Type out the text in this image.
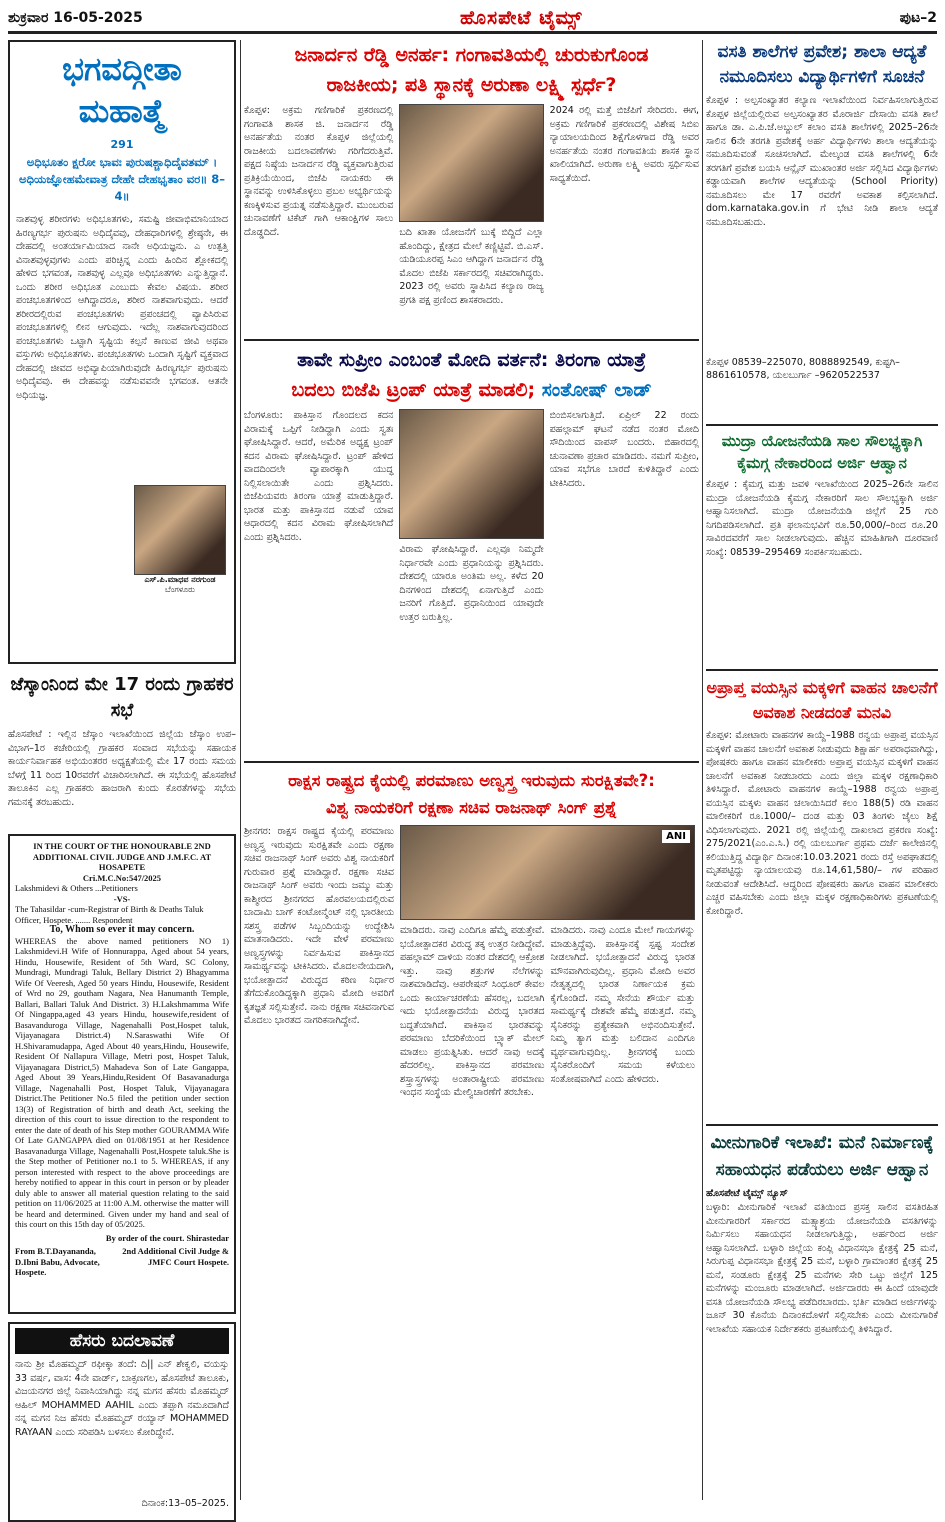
ಶುಕ್ರವಾರ 16-05-2025	ಹೊಸಪೇಟೆ ಟೈಮ್ಸ್	ಪುಟ–2
ಭಗವದ್ಗೀತಾ ಮಹಾತ್ಮೆ
291
ಅಧಿಭೂತಂ ಕ್ಷರೋ ಭಾವಃ ಪುರುಷಶ್ಚಾಧಿದೈವತಮ್ । ಅಧಿಯಜ್ಞೋಹಮೇವಾತ್ರ ದೇಹೇ ದೇಹಭೃತಾಂ ವರ॥ 8–4॥
ನಾಶವುಳ್ಳ ಶರೀರಗಳು ಅಧಿಭೂತಗಳು, ಸಮಷ್ಟಿ ಜೀವಾಭಿಮಾನಿಯಾದ ಹಿರಣ್ಯಗರ್ಭ ಪುರುಷನು ಅಧಿದೈವವು, ದೇಹಧಾರಿಗಳಲ್ಲಿ ಶ್ರೇಷ್ಠನೇ, ಈ ದೇಹದಲ್ಲಿ ಅಂತರ್ಯಾಮಿಯಾದ ನಾನೇ ಅಧಿಯಜ್ಞನು. ಎ ಉತ್ಪತ್ತಿ ವಿನಾಶವುಳ್ಳವುಗಳು ಎಂದು ಪರಿಚ್ಛಿನ್ನ ಎಂದು ಹಿಂದಿನ ಶ್ಲೋಕದಲ್ಲಿ ಹೇಳಿದ ಭಗವಂತ, ನಾಶವುಳ್ಳ ಎಲ್ಲವೂ ಅಧಿಭೂತಗಳು ಎನ್ನುತ್ತಿದ್ದಾನೆ. ಒಂದು ಶರೀರ ಅಧಿಭೂತ ಎಂಬುದು ಕೇವಲ ವಿಷಯ. ಶರೀರ ಪಂಚಭೂತಗಳಿಂದ ಆಗಿದ್ದಾದರೂ, ಶರೀರ ನಾಶವಾಗುವುದು. ಆದರೆ ಶರೀರದಲ್ಲಿರುವ ಪಂಚಭೂತಗಳು ಪ್ರಪಂಚದಲ್ಲಿ ವ್ಯಾಪಿಸಿರುವ ಪಂಚಭೂತಗಳಲ್ಲಿ ಲೀನ ಆಗುವುದು. ಇದೆಲ್ಲ ನಾಶವಾಗುವುದರಿಂದ ಪಂಚಭೂತಗಳು ಒಟ್ಟಾಗಿ ಸೃಷ್ಟಿಯ ಕಲ್ಪನೆ ಕಾಣುವ ಜೀವಿ ಅಥವಾ ವಸ್ತುಗಳು ಅಧಿಭೂತಗಳು. ಪಂಚಭೂತಗಳು ಒಂದಾಗಿ ಸೃಷ್ಟಿಗೆ ವ್ಯಕ್ತವಾದ ದೇಹದಲ್ಲಿ ಜೀವದ ಅಭಿವ್ಯಾಪಿಯಾಗಿರುವುದೇ ಹಿರಣ್ಯಗರ್ಭ ಪುರುಷನು ಅಧಿದೈವವು. ಈ ದೇಹವನ್ನು ನಡೆಸುವವನೇ ಭಗವಂತ. ಆತನೇ ಅಧಿಯಜ್ಞ.
ಎಸ್.ಪಿ.ಮಾಧವ ನರಗುಂಡ
ಬೆಂಗಳೂರು
ಜೆಸ್ಕಾಂನಿಂದ ಮೇ 17 ರಂದು ಗ್ರಾಹಕರ ಸಭೆ
ಹೊಸಪೇಟೆ : ಇಲ್ಲಿನ ಜೆಸ್ಕಾಂ ಇಲಾಖೆಯಿಂದ ಜಿಲ್ಲೆಯ ಜೆಸ್ಕಾಂ ಉಪ–ವಿಭಾಗ–1ರ ಕಚೇರಿಯಲ್ಲಿ ಗ್ರಾಹಕರ ಸಂವಾದ ಸಭೆಯನ್ನು ಸಹಾಯಕ ಕಾರ್ಯನಿರ್ವಾಹಕ ಅಭಿಯಂತರರ ಅಧ್ಯಕ್ಷತೆಯಲ್ಲಿ ಮೇ 17 ರಂದು ಸಮಯ ಬೆಳಗ್ಗೆ 11 ರಿಂದ 10ರವರೆಗೆ ವಿಚಾರಿಸಲಾಗಿದೆ. ಈ ಸಭೆಯಲ್ಲಿ ಹೊಸಪೇಟೆ ತಾಲೂಕಿನ ಎಲ್ಲ ಗ್ರಾಹಕರು ಹಾಜರಾಗಿ ಕುಂದು ಕೊರತೆಗಳನ್ನು ಸಭೆಯ ಗಮನಕ್ಕೆ ತರಬಹುದು.
IN THE COURT OF THE HONOURABLE 2ND ADDITIONAL CIVIL JUDGE AND J.M.F.C. AT HOSAPETE
Cri.M.C.No:547/2025
Lakshmidevi & Others ...Petitioners
-VS-
The Tahasildar -cum-Registrar of Birth & Deaths Taluk Officer, Hospete. ....... Respondent
To, Whom so ever it may concern.
WHEREAS the above named petitioners NO 1) Lakshmidevi.H Wife of Honnurappa, Aged about 54 years, Hindu, Housewife, Resident of 5th Ward, SC Colony, Mundragi, Mundragi Taluk, Bellary District 2) Bhagyamma Wife Of Veeresh, Aged 50 years Hindu, Housewife, Resident of Wrd no 29, goutham Nagara, Nea Hanumanth Temple, Ballari, Ballari Taluk And District. 3) H.Lakshmamma Wife Of Ningappa,aged 43 years Hindu, housewife,resident of Basavanduroga Village, Nagenahalli Post,Hospet taluk, Vijayanagara District.4) N.Saraswathi Wife Of H.Shivaramudappa, Aged About 40 years,Hindu, Housewife, Resident Of Nallapura Village, Metri post, Hospet Taluk, Vijayanagara District,5) Mahadeva Son of Late Gangappa, Aged About 39 Years,Hindu,Resident Of Basavanadurga Village, Nagenahalli Post, Hospet Taluk, Vijayanagara District.The Petitioner No.5 filed the petition under section 13(3) of Registration of birth and death Act, seeking the direction of this court to issue direction to the respondent to enter the date of death of his Step mother GOURAMMA Wife Of Late GANGAPPA died on 01/08/1951 at her Residence Basavanadurga Village, Nagenahalli Post,Hospete taluk.She is the Step mother of Petitioner no.1 to 5. WHEREAS, if any person interested with respect to the above proceedings are hereby notified to appear in this court in person or by pleader duly able to answer all material question relating to the said petition on 11/06/2025 at 11:00 A.M. otherwise the matter will be heard and determined. Given under my hand and seal of this court on this 15th day of 05/2025.
By order of the court. Shirastedar
From B.T.Dayananda, D.Ibni Babu, Advocate, Hospete.
2nd Additional Civil Judge & JMFC Court Hospete.
ಹೆಸರು ಬದಲಾವಣೆ
ನಾನು ಶ್ರೀ ಮೊಹಮ್ಮದ್ ರಫೀಕ್ಕಾ ತಂದೆ: ದಿ|| ಎನ್ ಶೇಕ್ವಲಿ, ವಯಸ್ಸು 33 ವರ್ಷ, ವಾಸ: 4ನೇ ವಾರ್ಡ್, ಬಾಕ್ಸಣಗಲ, ಹೊಸಪೇಟೆ ತಾಲೂಕು, ವಿಜಯನಗರ ಜಿಲ್ಲೆ ನಿವಾಸಿಯಾಗಿದ್ದು ನನ್ನ ಮಗನ ಹೆಸರು ಮೊಹಮ್ಮದ್ ಆಹಿಲ್ MOHAMMED AAHIL ಎಂದು ತಪ್ಪಾಗಿ ನಮೂದಾಗಿದೆ ನನ್ನ ಮಗನ ನಿಜ ಹೆಸರು ಮೊಹಮ್ಮದ್ ರಯ್ಯಾನ್ MOHAMMED RAYAAN ಎಂದು ಸರಿಪಡಿಸಿ ಬಳಸಲು ಕೋರಿದ್ದೇನೆ.
ದಿನಾಂಕ:13–05–2025.
ಜನಾರ್ದನ ರೆಡ್ಡಿ ಅನರ್ಹ: ಗಂಗಾವತಿಯಲ್ಲಿ ಚುರುಕುಗೊಂಡ
ರಾಜಕೀಯ; ಪತಿ ಸ್ಥಾನಕ್ಕೆ ಅರುಣಾ ಲಕ್ಷ್ಮಿ ಸ್ಪರ್ಧೆ?
ಕೊಪ್ಪಳ: ಅಕ್ರಮ ಗಣಿಗಾರಿಕೆ ಪ್ರಕರಣದಲ್ಲಿ ಗಂಗಾವತಿ ಶಾಸಕ ಜಿ. ಜನಾರ್ದನ ರೆಡ್ಡಿ ಅನರ್ಹತೆಯ ನಂತರ ಕೊಪ್ಪಳ ಜಿಲ್ಲೆಯಲ್ಲಿ ರಾಜಕೀಯ ಬದಲಾವಣೆಗಳು ಗರಿಗೆದರುತ್ತಿವೆ. ಪಕ್ಷದ ನಿಷ್ಠೆಯ ಜನಾರ್ದನ ರೆಡ್ಡಿ ವ್ಯಕ್ತವಾಗುತ್ತಿರುವ ಪ್ರತಿಕ್ರಿಯೆಯಿಂದ, ಬಿಜೆಪಿ ನಾಯಕರು ಈ ಸ್ಥಾನವನ್ನು ಉಳಿಸಿಕೊಳ್ಳಲು ಪ್ರಬಲ ಅಭ್ಯರ್ಥಿಯನ್ನು ಕಣಕ್ಕಿಳಿಸುವ ಪ್ರಯತ್ನ ನಡೆಸುತ್ತಿದ್ದಾರೆ. ಮುಂಬರುವ ಚುನಾವಣೆಗೆ ಟಿಕೆಟ್ ಗಾಗಿ ಆಕಾಂಕ್ಷಿಗಳ ಸಾಲು ದೊಡ್ಡದಿದೆ.	ಬದಿ ಖಾತಾ ಯೋಜನೆಗೆ ಬುಕ್ಕೆ ಬಿದ್ದಿದೆ ಎಲ್ಲಾ ಹೊಂದಿದ್ದು, ಕ್ಷೇತ್ರದ ಮೇಲೆ ಕಣ್ಣಿಟ್ಟಿವೆ. ಬಿ.ಎಸ್. ಯಡಿಯೂರಪ್ಪ ಸಿಎಂ ಆಗಿದ್ದಾಗ ಜನಾರ್ದನ ರೆಡ್ಡಿ ಮೊದಲ ಬಿಜೆಪಿ ಸರ್ಕಾರದಲ್ಲಿ ಸಚಿವರಾಗಿದ್ದರು. 2023 ರಲ್ಲಿ ಅವರು ಸ್ಥಾಪಿಸಿದ ಕಲ್ಯಾಣ ರಾಜ್ಯ ಪ್ರಗತಿ ಪಕ್ಷ ಪ್ರಣಿಂದ ಶಾಸಕರಾದರು.
2024 ರಲ್ಲಿ ಮತ್ತೆ ಬಿಜೆಪಿಗೆ ಸೇರಿದರು. ಈಗ, ಅಕ್ರಮ ಗಣಿಗಾರಿಕೆ ಪ್ರಕರಣದಲ್ಲಿ ವಿಶೇಷ ಸಿಬಿಐ ನ್ಯಾಯಾಲಯದಿಂದ ಶಿಕ್ಷೆಗೊಳಗಾದ ರೆಡ್ಡಿ ಅವರ ಅನರ್ಹತೆಯ ನಂತರ ಗಂಗಾವತಿಯ ಶಾಸಕ ಸ್ಥಾನ ಖಾಲಿಯಾಗಿದೆ. ಅರುಣಾ ಲಕ್ಷ್ಮಿ ಅವರು ಸ್ಪರ್ಧಿಸುವ ಸಾಧ್ಯತೆಯಿದೆ.
ತಾವೇ ಸುಪ್ರೀಂ ಎಂಬಂತೆ ಮೋದಿ ವರ್ತನೆ: ತಿರಂಗಾ ಯಾತ್ರೆ
ಬದಲು ಬಿಜೆಪಿ ಟ್ರಂಪ್ ಯಾತ್ರೆ ಮಾಡಲಿ; ಸಂತೋಷ್ ಲಾಡ್
ಬೆಂಗಳೂರು: ಪಾಕಿಸ್ತಾನ ಗೊಂದಲದ ಕದನ ವಿರಾಮಕ್ಕೆ ಒಪ್ಪಿಗೆ ನೀಡಿದ್ದಾಗಿ ಎಂದು ಸ್ವತಃ ಘೋಷಿಸಿದ್ದಾರೆ. ಆದರೆ, ಅಮೆರಿಕ ಅಧ್ಯಕ್ಷ ಟ್ರಂಪ್ ಕದನ ವಿರಾಮ ಘೋಷಿಸಿದ್ದಾರೆ. ಟ್ರಂಪ್ ಹೇಳಿದ ವಾದದಿಂದಲೇ ವ್ಯಾಪಾರಕ್ಕಾಗಿ ಯುದ್ಧ ನಿಲ್ಲಿಸಲಾಯಿತೇ ಎಂದು ಪ್ರಶ್ನಿಸಿದರು. ಬಿಜೆಪಿಯವರು ತಿರಂಗಾ ಯಾತ್ರೆ ಮಾಡುತ್ತಿದ್ದಾರೆ. ಭಾರತ ಮತ್ತು ಪಾಕಿಸ್ತಾನದ ನಡುವೆ ಯಾವ ಆಧಾರದಲ್ಲಿ ಕದನ ವಿರಾಮ ಘೋಷಿಸಲಾಗಿದೆ ಎಂದು ಪ್ರಶ್ನಿಸಿದರು.
ವಿರಾಮ ಘೋಷಿಸಿದ್ದಾರೆ. ಎಲ್ಲವೂ ನಿಮ್ಮದೇ ನಿರ್ಧಾರವೇ ಎಂದು ಪ್ರಧಾನಿಯನ್ನು ಪ್ರಶ್ನಿಸಿದರು. ದೇಶದಲ್ಲಿ ಯಾರೂ ಅಂತಿಮ ಅಲ್ಲ. ಕಳೆದ 20 ದಿನಗಳಿಂದ ದೇಶದಲ್ಲಿ ಏನಾಗುತ್ತಿದೆ ಎಂದು ಜನರಿಗೆ ಗೊತ್ತಿದೆ. ಪ್ರಧಾನಿಯಿಂದ ಯಾವುದೇ ಉತ್ತರ ಬರುತ್ತಿಲ್ಲ.
ಬಿಂಬಿಸಲಾಗುತ್ತಿದೆ. ಏಪ್ರಿಲ್ 22 ರಂದು ಪಹಲ್ಗಾಮ್ ಘಟನೆ ನಡೆದ ನಂತರ ಮೋದಿ ಸೌದಿಯಿಂದ ವಾಪಸ್ ಬಂದರು. ಬಿಹಾರದಲ್ಲಿ ಚುನಾವಣಾ ಪ್ರಚಾರ ಮಾಡಿದರು. ನಮಗೆ ಸುಪ್ರೀಂ, ಯಾವ ಸಭೆಗೂ ಬಾರದೆ ಕುಳಿತಿದ್ದಾರೆ ಎಂದು ಟೀಕಿಸಿದರು.
ರಾಕ್ಷಸ ರಾಷ್ಟ್ರದ ಕೈಯಲ್ಲಿ ಪರಮಾಣು ಅಣ್ವಸ್ತ್ರ ಇರುವುದು ಸುರಕ್ಷಿತವೇ?:
ವಿಶ್ವ ನಾಯಕರಿಗೆ ರಕ್ಷಣಾ ಸಚಿವ ರಾಜನಾಥ್ ಸಿಂಗ್ ಪ್ರಶ್ನೆ
ಶ್ರೀನಗರ: ರಾಕ್ಷಸ ರಾಷ್ಟ್ರದ ಕೈಯಲ್ಲಿ ಪರಮಾಣು ಅಣ್ವಸ್ತ್ರ ಇರುವುದು ಸುರಕ್ಷಿತವೇ ಎಂದು ರಕ್ಷಣಾ ಸಚಿವ ರಾಜನಾಥ್ ಸಿಂಗ್ ಅವರು ವಿಶ್ವ ನಾಯಕರಿಗೆ ಗುರುವಾರ ಪ್ರಶ್ನೆ ಮಾಡಿದ್ದಾರೆ. ರಕ್ಷಣಾ ಸಚಿವ ರಾಜನಾಥ್ ಸಿಂಗ್ ಅವರು ಇಂದು ಜಮ್ಮು ಮತ್ತು ಕಾಶ್ಮೀರದ ಶ್ರೀನಗರದ ಹೊರವಲಯದಲ್ಲಿರುವ ಬಾದಾಮಿ ಬಾಗ್ ಕಂಟೋನ್ಮೆಂಟ್ ನಲ್ಲಿ ಭಾರತೀಯ ಸಶಸ್ತ್ರ ಪಡೆಗಳ ಸಿಬ್ಬಂದಿಯನ್ನು ಉದ್ದೇಶಿಸಿ ಮಾತನಾಡಿದರು. ಇದೇ ವೇಳೆ ಪರಮಾಣು ಅಣ್ವಸ್ತ್ರಗಳನ್ನು ನಿರ್ವಹಿಸುವ ಪಾಕಿಸ್ತಾನದ ಸಾಮರ್ಥ್ಯವನ್ನು ಟೀಕಿಸಿದರು. ಮೊದಲನೇಯದಾಗಿ, ಭಯೋತ್ಪಾದನೆ ವಿರುದ್ಧದ ಕಠಿಣ ನಿರ್ಧಾರ ತೆಗೆದುಕೊಂಡಿದ್ದಕ್ಕಾಗಿ ಪ್ರಧಾನಿ ಮೋದಿ ಅವರಿಗೆ ಕೃತಜ್ಞತೆ ಸಲ್ಲಿಸುತ್ತೇನೆ. ನಾನು ರಕ್ಷಣಾ ಸಚಿವನಾಗುವ ಮೊದಲು ಭಾರತದ ನಾಗರಿಕನಾಗಿದ್ದೇನೆ.
ANI
ಮಾಡಿದರು. ನಾವು ಎಂದಿಗೂ ಹೆಮ್ಮೆ ಪಡುತ್ತೇವೆ. ಭಯೋತ್ಪಾದಕರ ವಿರುದ್ಧ ತಕ್ಕ ಉತ್ತರ ನೀಡಿದ್ದೇವೆ. ಪಹಲ್ಗಾಮ್ ದಾಳಿಯ ನಂತರ ದೇಶದಲ್ಲಿ ಆಕ್ರೋಶ ಇತ್ತು. ನಾವು ಶತ್ರುಗಳ ನೆಲೆಗಳನ್ನು ನಾಶಮಾಡಿದೆವು. ಆಪರೇಷನ್ ಸಿಂಧೂರ್ ಕೇವಲ ಒಂದು ಕಾರ್ಯಾಚರಣೆಯ ಹೆಸರಲ್ಲ, ಬದಲಾಗಿ ಇದು ಭಯೋತ್ಪಾದನೆಯ ವಿರುದ್ಧ ಭಾರತದ ಬದ್ಧತೆಯಾಗಿದೆ. ಪಾಕಿಸ್ತಾನ ಭಾರತವನ್ನು ಪರಮಾಣು ಬೆದರಿಕೆಯಿಂದ ಬ್ಲ್ಯಾಕ್ ಮೇಲ್ ಮಾಡಲು ಪ್ರಯತ್ನಿಸಿತು. ಆದರೆ ನಾವು ಅದಕ್ಕೆ ಹೆದರಲಿಲ್ಲ. ಪಾಕಿಸ್ತಾನದ ಪರಮಾಣು ಶಸ್ತ್ರಾಸ್ತ್ರಗಳನ್ನು ಅಂತಾರಾಷ್ಟ್ರೀಯ ಪರಮಾಣು ಇಂಧನ ಸಂಸ್ಥೆಯ ಮೇಲ್ವಿಚಾರಣೆಗೆ ತರಬೇಕು.
ಮಾಡಿದರು. ನಾವು ಎಂದೂ ಮೇಲೆ ಗಾಯಗಳನ್ನು ಮಾಡುತ್ತಿದ್ದೆವು. ಪಾಕಿಸ್ತಾನಕ್ಕೆ ಸ್ಪಷ್ಟ ಸಂದೇಶ ನೀಡಲಾಗಿದೆ. ಭಯೋತ್ಪಾದನೆ ವಿರುದ್ಧ ಭಾರತ ಮೌನವಾಗಿರುವುದಿಲ್ಲ. ಪ್ರಧಾನಿ ಮೋದಿ ಅವರ ನೇತೃತ್ವದಲ್ಲಿ ಭಾರತ ನಿರ್ಣಾಯಕ ಕ್ರಮ ಕೈಗೊಂಡಿದೆ. ನಮ್ಮ ಸೇನೆಯ ಶೌರ್ಯ ಮತ್ತು ಸಾಮರ್ಥ್ಯಕ್ಕೆ ದೇಶವೇ ಹೆಮ್ಮೆ ಪಡುತ್ತದೆ. ನಮ್ಮ ಸೈನಿಕರನ್ನು ಪ್ರತ್ಯೇಕವಾಗಿ ಅಭಿನಂದಿಸುತ್ತೇನೆ. ನಿಮ್ಮ ತ್ಯಾಗ ಮತ್ತು ಬಲಿದಾನ ಎಂದಿಗೂ ವ್ಯರ್ಥವಾಗುವುದಿಲ್ಲ. ಶ್ರೀನಗರಕ್ಕೆ ಬಂದು ಸೈನಿಕರೊಂದಿಗೆ ಸಮಯ ಕಳೆಯಲು ಸಂತೋಷವಾಗಿದೆ ಎಂದು ಹೇಳಿದರು.
ವಸತಿ ಶಾಲೆಗಳ ಪ್ರವೇಶ; ಶಾಲಾ ಆದ್ಯತೆ ನಮೂದಿಸಲು ವಿದ್ಯಾರ್ಥಿಗಳಿಗೆ ಸೂಚನೆ
ಕೊಪ್ಪಳ : ಅಲ್ಪಸಂಖ್ಯಾತರ ಕಲ್ಯಾಣ ಇಲಾಖೆಯಿಂದ ನಿರ್ವಹಿಸಲಾಗುತ್ತಿರುವ ಕೊಪ್ಪಳ ಜಿಲ್ಲೆಯಲ್ಲಿರುವ ಅಲ್ಪಸಂಖ್ಯಾತರ ಮೊರಾರ್ಜಿ ದೇಸಾಯಿ ವಸತಿ ಶಾಲೆ ಹಾಗೂ ಡಾ. ಎ.ಪಿ.ಜೆ.ಅಬ್ದುಲ್ ಕಲಾಂ ವಸತಿ ಶಾಲೆಗಳಲ್ಲಿ 2025–26ನೇ ಸಾಲಿನ 6ನೇ ತರಗತಿ ಪ್ರವೇಶಕ್ಕೆ ಅರ್ಹ ವಿದ್ಯಾರ್ಥಿಗಳು ಶಾಲಾ ಆದ್ಯತೆಯನ್ನು ನಮೂದಿಸುವಂತೆ ಸೂಚಿಸಲಾಗಿದೆ. ಮೇಲ್ಕಂಡ ವಸತಿ ಶಾಲೆಗಳಲ್ಲಿ 6ನೇ ತರಗತಿಗೆ ಪ್ರವೇಶ ಬಯಸಿ ಆನ್ಲೈನ್ ಮುಖಾಂತರ ಅರ್ಜಿ ಸಲ್ಲಿಸಿದ ವಿದ್ಯಾರ್ಥಿಗಳು ಕಡ್ಡಾಯವಾಗಿ ಶಾಲೆಗಳ ಆದ್ಯತೆಯನ್ನು (School Priority) ನಮೂದಿಸಲು ಮೇ 17 ರವರೆಗೆ ಅವಕಾಶ ಕಲ್ಪಿಸಲಾಗಿದೆ. dom.karnataka.gov.in ಗೆ ಭೇಟಿ ನೀಡಿ ಶಾಲಾ ಆದ್ಯತೆ ನಮೂದಿಸಬಹುದು.
ಕೊಪ್ಪಳ 08539–225070, 8088892549, ಕುಷ್ಟಗಿ–8861610578, ಯಲಬುರ್ಗಾ –9620522537
ಮುದ್ರಾ ಯೋಜನೆಯಡಿ ಸಾಲ ಸೌಲಭ್ಯಕ್ಕಾಗಿ ಕೈಮಗ್ಗ ನೇಕಾರರಿಂದ ಅರ್ಜಿ ಆಹ್ವಾನ
ಕೊಪ್ಪಳ : ಕೈಮಗ್ಗ ಮತ್ತು ಜವಳಿ ಇಲಾಖೆಯಿಂದ 2025–26ನೇ ಸಾಲಿನ ಮುದ್ರಾ ಯೋಜನೆಯಡಿ ಕೈಮಗ್ಗ ನೇಕಾರರಿಗೆ ಸಾಲ ಸೌಲಭ್ಯಕ್ಕಾಗಿ ಅರ್ಜಿ ಆಹ್ವಾನಿಸಲಾಗಿದೆ. ಮುದ್ರಾ ಯೋಜನೆಯಡಿ ಜಿಲ್ಲೆಗೆ 25 ಗುರಿ ನಿಗದಿಪಡಿಸಲಾಗಿದೆ. ಪ್ರತಿ ಫಲಾನುಭವಿಗೆ ರೂ.50,000/–ರಿಂದ ರೂ.20 ಸಾವಿರದವರೆಗೆ ಸಾಲ ನೀಡಲಾಗುವುದು. ಹೆಚ್ಚಿನ ಮಾಹಿತಿಗಾಗಿ ದೂರವಾಣಿ ಸಂಖ್ಯೆ: 08539–295469 ಸಂಪರ್ಕಿಸಬಹುದು.
ಅಪ್ರಾಪ್ತ ವಯಸ್ಸಿನ ಮಕ್ಕಳಿಗೆ ವಾಹನ ಚಾಲನೆಗೆ ಅವಕಾಶ ನೀಡದಂತೆ ಮನವಿ
ಕೊಪ್ಪಳ: ಮೋಟಾರು ವಾಹನಗಳ ಕಾಯ್ದೆ–1988 ರನ್ವಯ ಅಪ್ರಾಪ್ತ ವಯಸ್ಸಿನ ಮಕ್ಕಳಿಗೆ ವಾಹನ ಚಾಲನೆಗೆ ಅವಕಾಶ ನೀಡುವುದು ಶಿಕ್ಷಾರ್ಹ ಅಪರಾಧವಾಗಿದ್ದು, ಪೋಷಕರು ಹಾಗೂ ವಾಹನ ಮಾಲೀಕರು ಅಪ್ರಾಪ್ತ ವಯಸ್ಸಿನ ಮಕ್ಕಳಿಗೆ ವಾಹನ ಚಾಲನೆಗೆ ಅವಕಾಶ ನೀಡಬಾರದು ಎಂದು ಜಿಲ್ಲಾ ಮಕ್ಕಳ ರಕ್ಷಣಾಧಿಕಾರಿ ತಿಳಿಸಿದ್ದಾರೆ. ಮೋಟಾರು ವಾಹನಗಳ ಕಾಯ್ದೆ–1988 ರನ್ವಯ ಅಪ್ರಾಪ್ತ ವಯಸ್ಸಿನ ಮಕ್ಕಳು ವಾಹನ ಚಲಾಯಿಸಿದರೆ ಕಲಂ 188(5) ರಡಿ ವಾಹನ ಮಾಲೀಕರಿಗೆ ರೂ.1000/– ದಂಡ ಮತ್ತು 03 ತಿಂಗಳು ಜೈಲು ಶಿಕ್ಷೆ ವಿಧಿಸಲಾಗುವುದು. 2021 ರಲ್ಲಿ ಜಿಲ್ಲೆಯಲ್ಲಿ ದಾಖಲಾದ ಪ್ರಕರಣ ಸಂಖ್ಯೆ: 275/2021(ಎಂ.ಎ.ಸಿ.) ರಲ್ಲಿ ಯಲಬುರ್ಗಾ ಪ್ರಥಮ ದರ್ಜೆ ಕಾಲೇಜಿನಲ್ಲಿ ಕಲಿಯುತ್ತಿದ್ದ ವಿದ್ಯಾರ್ಥಿ ದಿನಾಂಕ:10.03.2021 ರಂದು ರಸ್ತೆ ಅಪಘಾತದಲ್ಲಿ ಮೃತಪಟ್ಟಿದ್ದು ನ್ಯಾಯಾಲಯವು ರೂ.14,61,580/– ಗಳ ಪರಿಹಾರ ನೀಡುವಂತೆ ಆದೇಶಿಸಿದೆ. ಆದ್ದರಿಂದ ಪೋಷಕರು ಹಾಗೂ ವಾಹನ ಮಾಲೀಕರು ಎಚ್ಚರ ವಹಿಸಬೇಕು ಎಂದು ಜಿಲ್ಲಾ ಮಕ್ಕಳ ರಕ್ಷಣಾಧಿಕಾರಿಗಳು ಪ್ರಕಟಣೆಯಲ್ಲಿ ಕೋರಿದ್ದಾರೆ.
ಮೀನುಗಾರಿಕೆ ಇಲಾಖೆ: ಮನೆ ನಿರ್ಮಾಣಕ್ಕೆ ಸಹಾಯಧನ ಪಡೆಯಲು ಅರ್ಜಿ ಆಹ್ವಾನ
ಹೊಸಪೇಟೆ ಟೈಮ್ಸ್ ನ್ಯೂಸ್
ಬಳ್ಳಾರಿ: ಮೀನುಗಾರಿಕೆ ಇಲಾಖೆ ವತಿಯಿಂದ ಪ್ರಸಕ್ತ ಸಾಲಿನ ವಸತಿರಹಿತ ಮೀನುಗಾರರಿಗೆ ಸರ್ಕಾರದ ಮತ್ಸ್ಯಾಶ್ರಯ ಯೋಜನೆಯಡಿ ವಸತಿಗಳನ್ನು ನಿರ್ಮಿಸಲು ಸಹಾಯಧನ ನೀಡಲಾಗುತ್ತಿದ್ದು, ಅರ್ಹರಿಂದ ಅರ್ಜಿ ಆಹ್ವಾನಿಸಲಾಗಿದೆ. ಬಳ್ಳಾರಿ ಜಿಲ್ಲೆಯ ಕಂಪ್ಲಿ ವಿಧಾನಸಭಾ ಕ್ಷೇತ್ರಕ್ಕೆ 25 ಮನೆ, ಸಿರುಗುಪ್ಪ ವಿಧಾನಸಭಾ ಕ್ಷೇತ್ರಕ್ಕೆ 25 ಮನೆ, ಬಳ್ಳಾರಿ ಗ್ರಾಮಾಂತರ ಕ್ಷೇತ್ರಕ್ಕೆ 25 ಮನೆ, ಸಂಡೂರು ಕ್ಷೇತ್ರಕ್ಕೆ 25 ಮನೆಗಳು ಸೇರಿ ಒಟ್ಟು ಜಿಲ್ಲೆಗೆ 125 ಮನೆಗಳನ್ನು ಮಂಜೂರು ಮಾಡಲಾಗಿದೆ. ಅರ್ಜಿದಾರರು ಈ ಹಿಂದೆ ಯಾವುದೇ ವಸತಿ ಯೋಜನೆಯಡಿ ಸೌಲಭ್ಯ ಪಡೆದಿರಬಾರದು. ಭರ್ತಿ ಮಾಡಿದ ಅರ್ಜಿಗಳನ್ನು ಜೂನ್ 30 ಕೊನೆಯ ದಿನಾಂಕದೊಳಗೆ ಸಲ್ಲಿಸಬೇಕು ಎಂದು ಮೀನುಗಾರಿಕೆ ಇಲಾಖೆಯ ಸಹಾಯಕ ನಿರ್ದೇಶಕರು ಪ್ರಕಟಣೆಯಲ್ಲಿ ತಿಳಿಸಿದ್ದಾರೆ.
